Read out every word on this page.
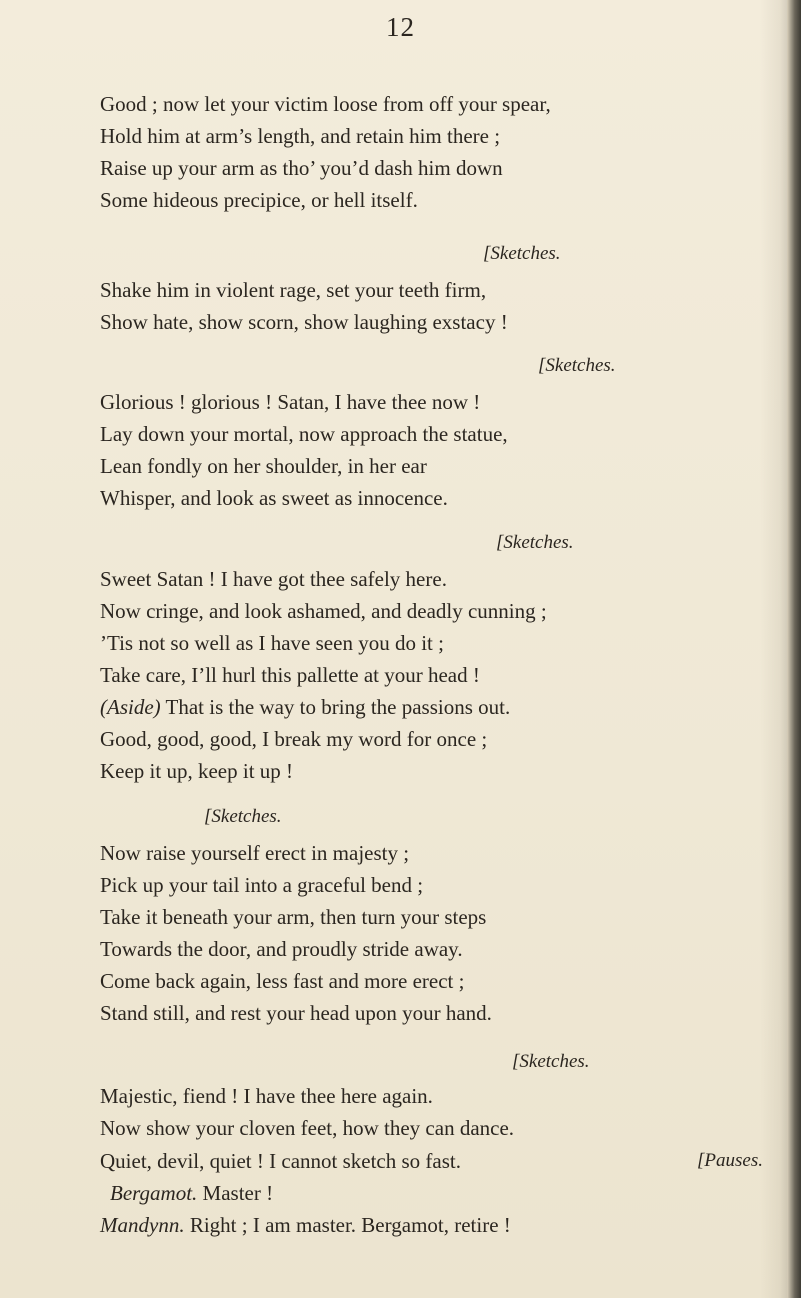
12
Good ; now let your victim loose from off your spear,
Hold him at arm’s length, and retain him there ;
Raise up your arm as tho’ you’d dash him down
Some hideous precipice, or hell itself.
[Sketches.
Shake him in violent rage, set your teeth firm,
Show hate, show scorn, show laughing exstacy !
[Sketches.
Glorious ! glorious ! Satan, I have thee now !
Lay down your mortal, now approach the statue,
Lean fondly on her shoulder, in her ear
Whisper, and look as sweet as innocence.
[Sketches.
Sweet Satan ! I have got thee safely here.
Now cringe, and look ashamed, and deadly cunning ;
’Tis not so well as I have seen you do it ;
Take care, I’ll hurl this pallette at your head !
(Aside) That is the way to bring the passions out.
Good, good, good, I break my word for once ;
Keep it up, keep it up !
[Sketches.
Now raise yourself erect in majesty ;
Pick up your tail into a graceful bend ;
Take it beneath your arm, then turn your steps
Towards the door, and proudly stride away.
Come back again, less fast and more erect ;
Stand still, and rest your head upon your hand.
[Sketches.
Majestic, fiend ! I have thee here again.
Now show your cloven feet, how they can dance.
Quiet, devil, quiet ! I cannot sketch so fast.	[Pauses.
Bergamot. Master !
Mandynn. Right ; I am master. Bergamot, retire !
